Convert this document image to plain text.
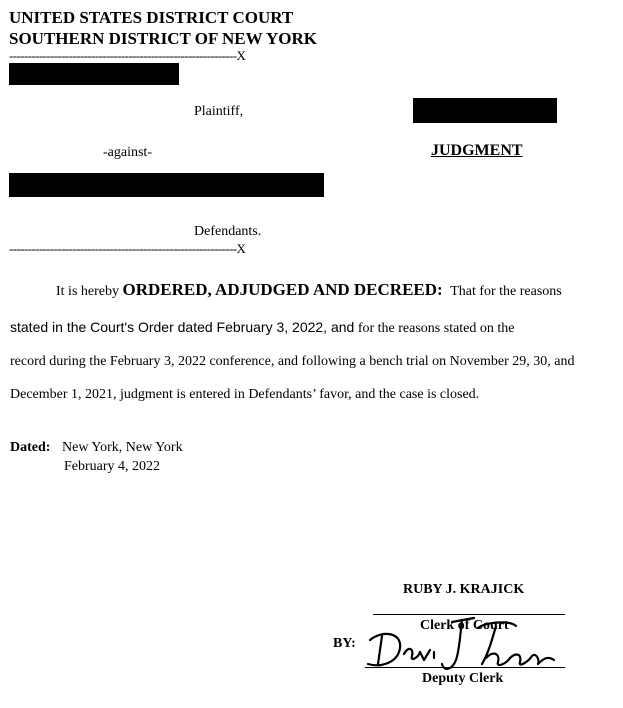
UNITED STATES DISTRICT COURT
SOUTHERN DISTRICT OF NEW YORK
-------------------------------------------------------------X
Plaintiff,
-against-	JUDGMENT
Defendants.
-------------------------------------------------------------X
It is hereby ORDERED, ADJUDGED AND DECREED: That for the reasons
stated in the Court's Order dated February 3, 2022, and for the reasons stated on the
record during the February 3, 2022 conference, and following a bench trial on November 29, 30, and
December 1, 2021, judgment is entered in Defendants’ favor, and the case is closed.
Dated: New York, New York
February 4, 2022
RUBY J. KRAJICK
Clerk of Court
BY:
Deputy Clerk
